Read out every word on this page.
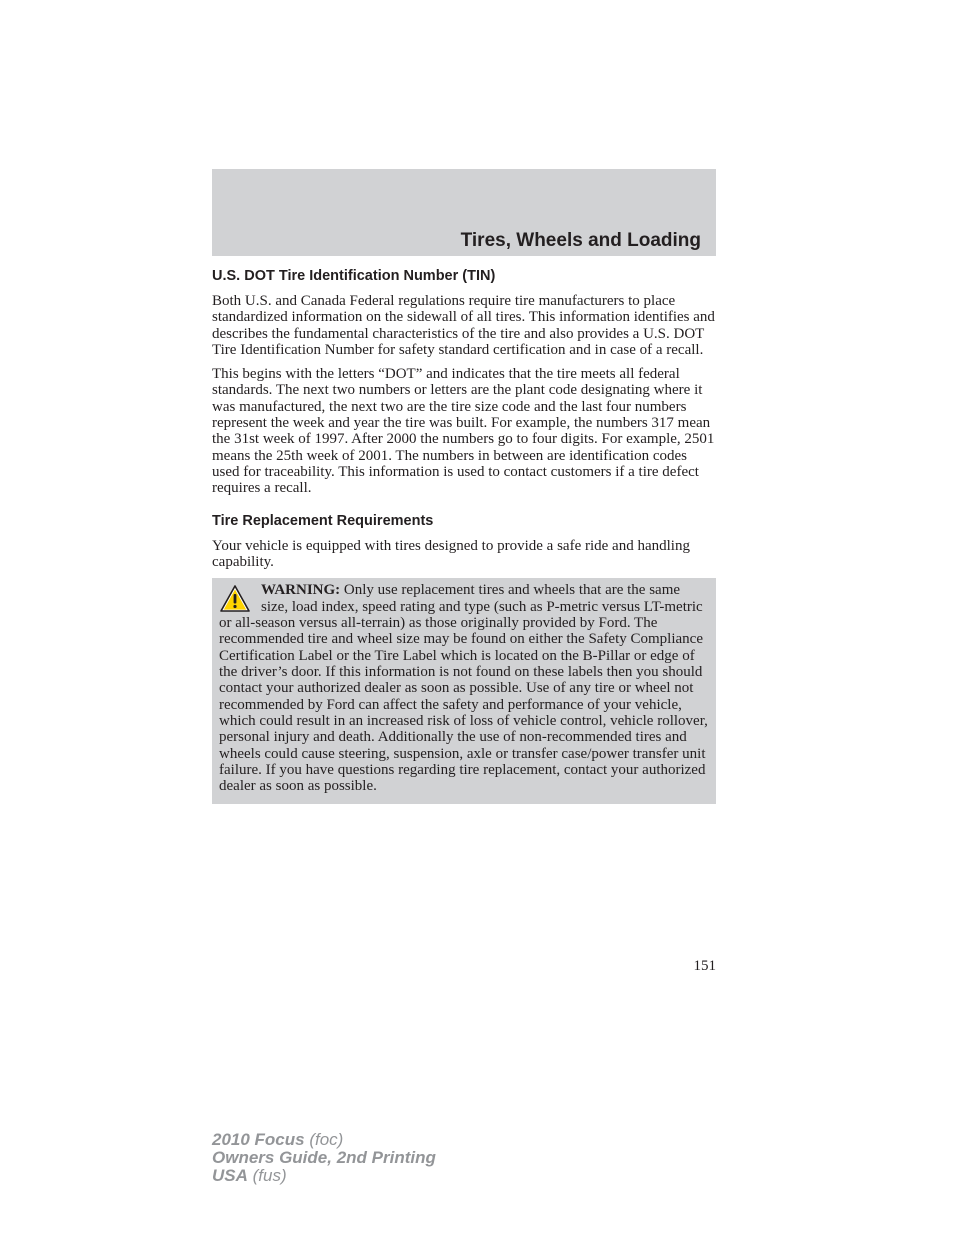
Tires, Wheels and Loading
U.S. DOT Tire Identification Number (TIN)

Both U.S. and Canada Federal regulations require tire manufacturers to place standardized information on the sidewall of all tires. This information identifies and describes the fundamental characteristics of the tire and also provides a U.S. DOT Tire Identification Number for safety standard certification and in case of a recall.

This begins with the letters “DOT” and indicates that the tire meets all federal standards. The next two numbers or letters are the plant code designating where it was manufactured, the next two are the tire size code and the last four numbers represent the week and year the tire was built. For example, the numbers 317 mean the 31st week of 1997. After 2000 the numbers go to four digits. For example, 2501 means the 25th week of 2001. The numbers in between are identification codes used for traceability. This information is used to contact customers if a tire defect requires a recall.

Tire Replacement Requirements

Your vehicle is equipped with tires designed to provide a safe ride and handling capability.

WARNING: Only use replacement tires and wheels that are the same size, load index, speed rating and type (such as P-metric versus LT-metric or all-season versus all-terrain) as those originally provided by Ford. The recommended tire and wheel size may be found on either the Safety Compliance Certification Label or the Tire Label which is located on the B-Pillar or edge of the driver’s door. If this information is not found on these labels then you should contact your authorized dealer as soon as possible. Use of any tire or wheel not recommended by Ford can affect the safety and performance of your vehicle, which could result in an increased risk of loss of vehicle control, vehicle rollover, personal injury and death. Additionally the use of non-recommended tires and wheels could cause steering, suspension, axle or transfer case/power transfer unit failure. If you have questions regarding tire replacement, contact your authorized dealer as soon as possible.
151
2010 Focus (foc)
Owners Guide, 2nd Printing
USA (fus)
